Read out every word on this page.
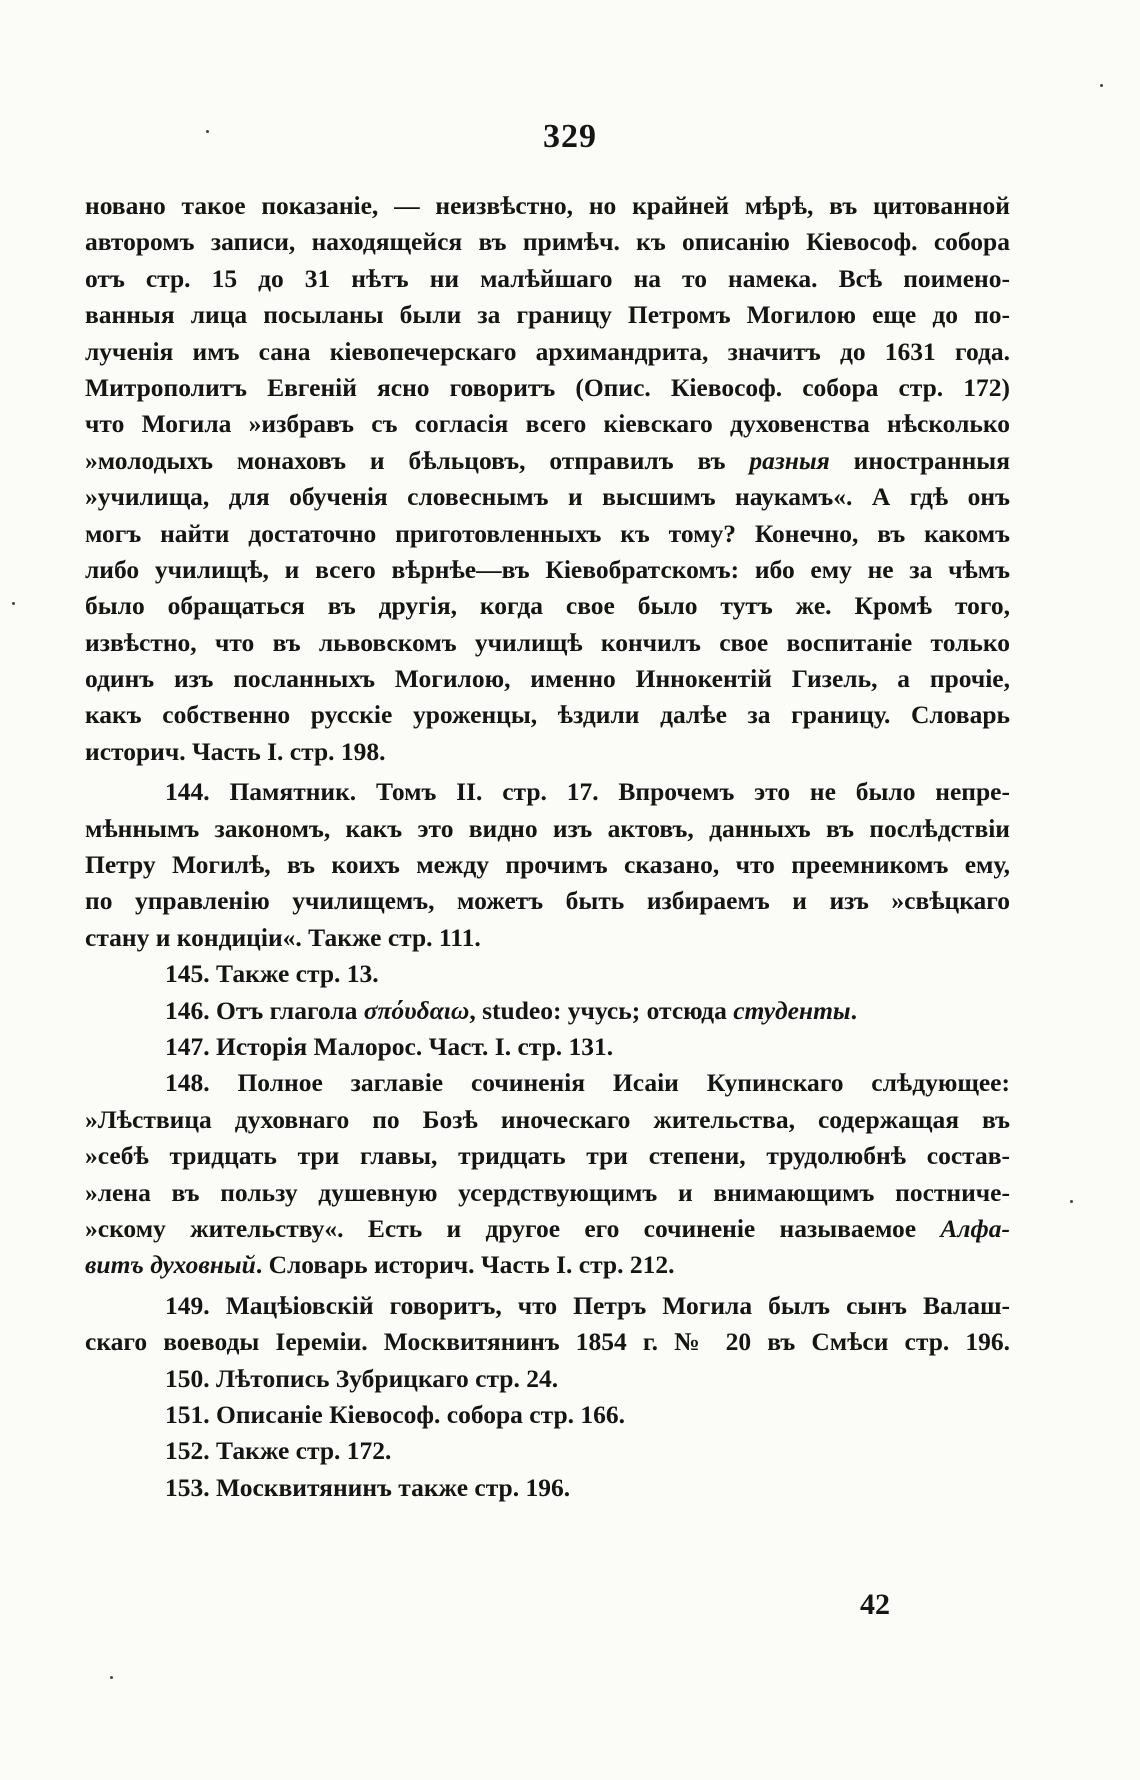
329
новано такое показаніе, — неизвѣстно, но крайней мѣрѣ, въ цитованной
авторомъ записи, находящейся въ примѣч. къ описанію Кіевософ. собора
отъ стр. 15 до 31 нѣтъ ни малѣйшаго на то намека. Всѣ поимено-
ванныя лица посыланы были за границу Петромъ Могилою еще до по-
лученія имъ сана кіевопечерскаго архимандрита, значитъ до 1631 года.
Митрополитъ Евгеній ясно говоритъ (Опис. Кіевософ. собора стр. 172)
что Могила »избравъ съ согласія всего кіевскаго духовенства нѣсколько
»молодыхъ монаховъ и бѣльцовъ, отправилъ въ разныя иностранныя
»училища, для обученія словеснымъ и высшимъ наукамъ«. А гдѣ онъ
могъ найти достаточно приготовленныхъ къ тому? Конечно, въ какомъ
либо училищѣ, и всего вѣрнѣе—въ Кіевобратскомъ: ибо ему не за чѣмъ
было обращаться въ другія, когда свое было тутъ же. Кромѣ того,
извѣстно, что въ львовскомъ училищѣ кончилъ свое воспитаніе только
одинъ изъ посланныхъ Могилою, именно Иннокентій Гизель, а прочіе,
какъ собственно русскіе уроженцы, ѣздили далѣе за границу. Словарь
историч. Часть I. стр. 198.
144. Памятник. Томъ II. стр. 17. Впрочемъ это не было непре-
мѣннымъ закономъ, какъ это видно изъ актовъ, данныхъ въ послѣдствіи
Петру Могилѣ, въ коихъ между прочимъ сказано, что преемникомъ ему,
по управленію училищемъ, можетъ быть избираемъ и изъ »свѣцкаго
стану и кондиціи«. Также стр. 111.
145. Также стр. 13.
146. Отъ глагола σπόυδαιω, studeo: учусь; отсюда студенты.
147. Исторія Малорос. Част. I. стр. 131.
148. Полное заглавіе сочиненія Исаіи Купинскаго слѣдующее:
»Лѣствица духовнаго по Бозѣ иноческаго жительства, содержащая въ
»себѣ тридцать три главы, тридцать три степени, трудолюбнѣ состав-
»лена въ пользу душевную усердствующимъ и внимающимъ постниче-
»скому жительству«. Есть и другое его сочиненіе называемое Алфа-
витъ духовный. Словарь историч. Часть I. стр. 212.
149. Мацѣіовскій говоритъ, что Петръ Могила былъ сынъ Валаш-
скаго воеводы Іереміи. Москвитянинъ 1854 г. № 20 въ Смѣси стр. 196.
150. Лѣтопись Зубрицкаго стр. 24.
151. Описаніе Кіевософ. собора стр. 166.
152. Также стр. 172.
153. Москвитянинъ также стр. 196.
42
